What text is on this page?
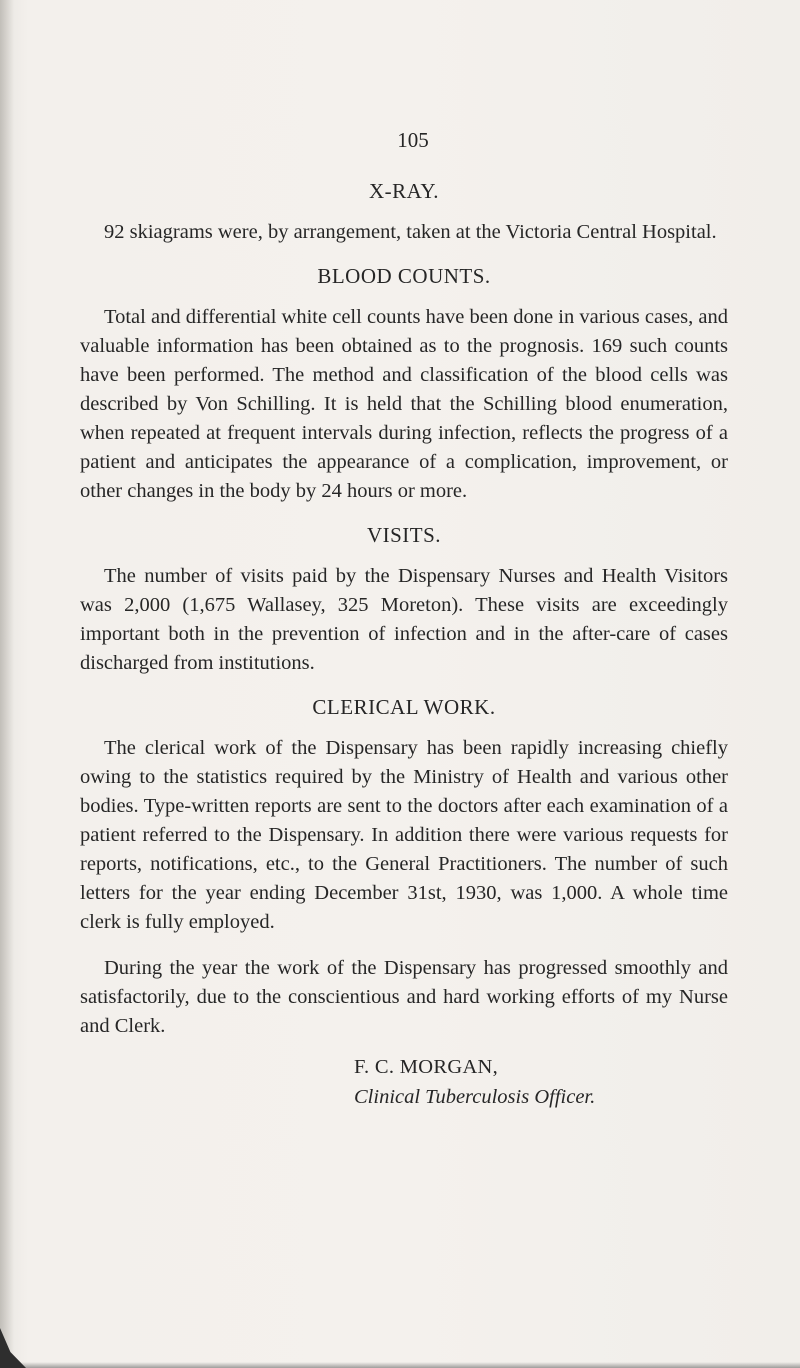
105
X-RAY.

92 skiagrams were, by arrangement, taken at the Victoria Central Hospital.

BLOOD COUNTS.

Total and differential white cell counts have been done in various cases, and valuable information has been obtained as to the prognosis. 169 such counts have been performed. The method and classification of the blood cells was described by Von Schilling. It is held that the Schilling blood enumeration, when repeated at frequent intervals during infection, reflects the progress of a patient and anticipates the appearance of a complication, improvement, or other changes in the body by 24 hours or more.

VISITS.

The number of visits paid by the Dispensary Nurses and Health Visitors was 2,000 (1,675 Wallasey, 325 Moreton). These visits are exceedingly important both in the prevention of infection and in the after-care of cases discharged from institutions.

CLERICAL WORK.

The clerical work of the Dispensary has been rapidly increasing chiefly owing to the statistics required by the Ministry of Health and various other bodies. Type-written reports are sent to the doctors after each examination of a patient referred to the Dispensary. In addition there were various requests for reports, notifications, etc., to the General Practitioners. The number of such letters for the year ending December 31st, 1930, was 1,000. A whole time clerk is fully employed.

During the year the work of the Dispensary has progressed smoothly and satisfactorily, due to the conscientious and hard working efforts of my Nurse and Clerk.

F. C. MORGAN,
Clinical Tuberculosis Officer.
